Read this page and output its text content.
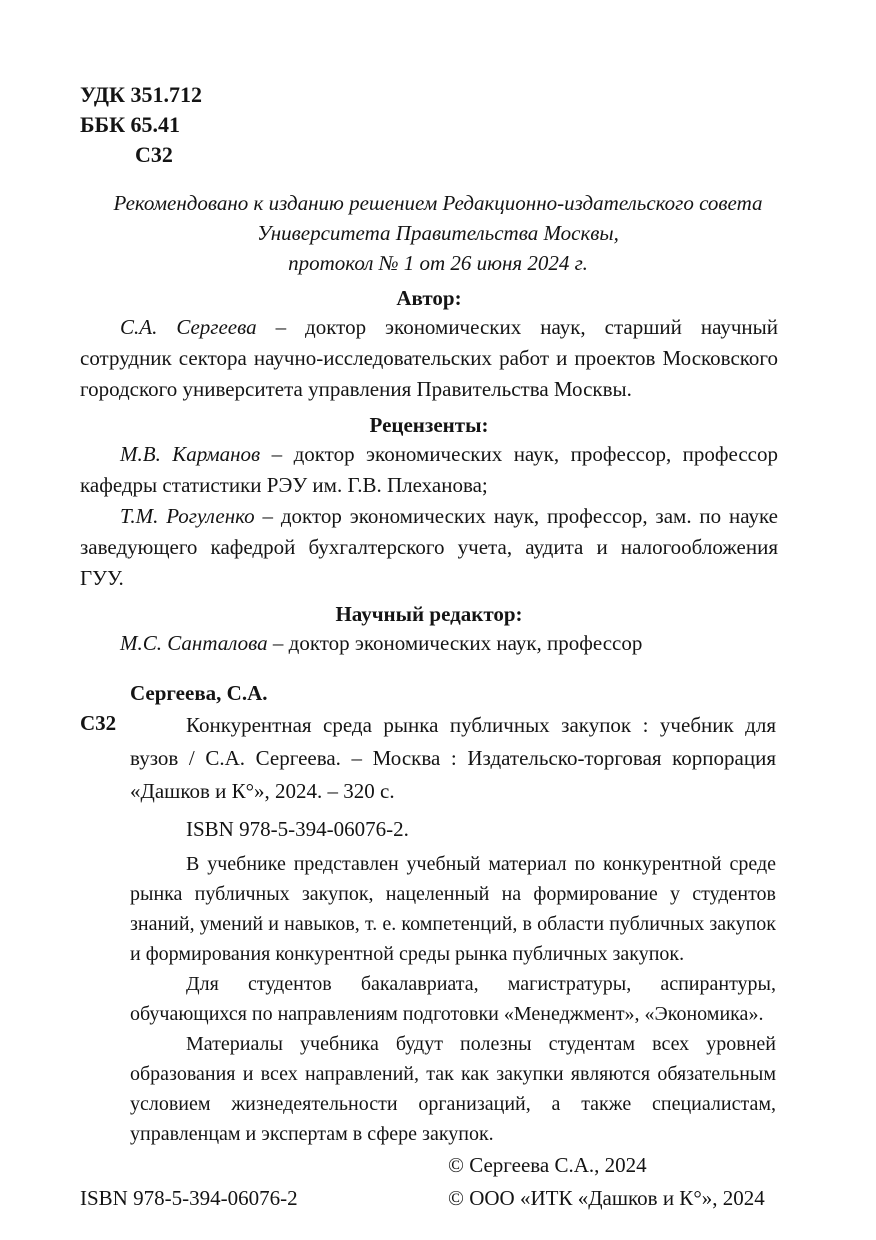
УДК 351.712
ББК 65.41
С32
Рекомендовано к изданию решением Редакционно-издательского совета
Университета Правительства Москвы,
протокол № 1 от 26 июня 2024 г.
Автор:

С.А. Сергеева – доктор экономических наук, старший научный сотрудник сектора научно-исследовательских работ и проектов Московского городского университета управления Правительства Москвы.

Рецензенты:

М.В. Карманов – доктор экономических наук, профессор, профессор кафедры статистики РЭУ им. Г.В. Плеханова;

Т.М. Рогуленко – доктор экономических наук, профессор, зам. по науке заведующего кафедрой бухгалтерского учета, аудита и налогообложения ГУУ.

Научный редактор:

М.С. Санталова – доктор экономических наук, профессор

Сергеева, С.А.
С32	Конкурентная среда рынка публичных закупок : учебник для вузов / С.А. Сергеева. – Москва : Издательско-торговая корпорация «Дашков и К°», 2024. – 320 с.

ISBN 978-5-394-06076-2.

В учебнике представлен учебный материал по конкурентной среде рынка публичных закупок, нацеленный на формирование у студентов знаний, умений и навыков, т. е. компетенций, в области публичных закупок и формирования конкурентной среды рынка публичных закупок.

Для студентов бакалавриата, магистратуры, аспирантуры, обучающихся по направлениям подготовки «Менеджмент», «Экономика».

Материалы учебника будут полезны студентам всех уровней образования и всех направлений, так как закупки являются обязательным условием жизнедеятельности организаций, а также специалистам, управленцам и экспертам в сфере закупок.

ISBN 978-5-394-06076-2
© Сергеева С.А., 2024
© ООО «ИТК «Дашков и К°», 2024
